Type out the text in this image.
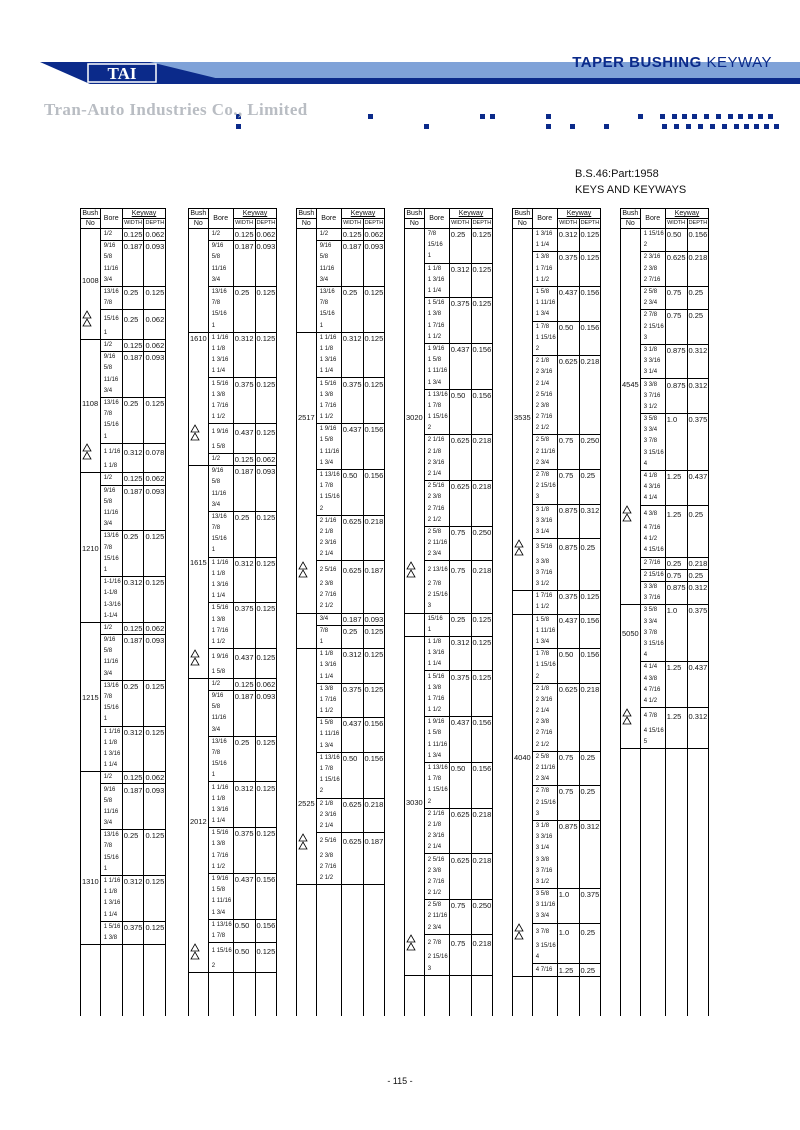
TAI
TAPER BUSHING KEYWAY
Tran-Auto Industries Co., Limited
B.S.46:Part:1958
KEYS AND KEYWAYS
Bush	Bore	Keyway	
No		WIDTH	DEPTH
	1/2	0.125	0.062
	9/16	0.187	0.093
	5/8		
	11/16		
1008	3/4		
	13/16	0.25	0.125
	7/8		

	15/16	0.25	0.062
	1		
	1/2	0.125	0.062
	9/16	0.187	0.093
	5/8		
	11/16		
	3/4		
1108	13/16	0.25	0.125
	7/8		
	15/16		
	1		

	1 1/16	0.312	0.078
	1 1/8		
	1/2	0.125	0.062
	9/16	0.187	0.093
	5/8		
	11/16		
	3/4		
	13/16	0.25	0.125
1210	7/8		
	15/16		
	1		
	1-1/16	0.312	0.125
	1-1/8		
	1-3/16		
	1-1/4		
	1/2	0.125	0.062
	9/16	0.187	0.093
	5/8		
	11/16		
	3/4		
	13/16	0.25	0.125
1215	7/8		
	15/16		
	1		
	1 1/16	0.312	0.125
	1 1/8		
	1 3/16		
	1 1/4		
	1/2	0.125	0.062
	9/16	0.187	0.093
	5/8		
	11/16		
	3/4		
	13/16	0.25	0.125
	7/8		
	15/16		
	1		
1310	1 1/16	0.312	0.125
	1 1/8		
	1 3/16		
	1 1/4		
	1 5/16	0.375	0.125
	1 3/8		

Bush	Bore	Keyway	
No		WIDTH	DEPTH
	1/2	0.125	0.062
	9/16	0.187	0.093
	5/8		
	11/16		
	3/4		
	13/16	0.25	0.125
	7/8		
	15/16		
	1		
1610	1 1/16	0.312	0.125
	1 1/8		
	1 3/16		
	1 1/4		
	1 5/16	0.375	0.125
	1 3/8		
	1 7/16		
	1 1/2		

	1 9/16	0.437	0.125
	1 5/8		
	1/2	0.125	0.062
	9/16	0.187	0.093
	5/8		
	11/16		
	3/4		
	13/16	0.25	0.125
	7/8		
	15/16		
	1		
1615	1 1/16	0.312	0.125
	1 1/8		
	1 3/16		
	1 1/4		
	1 5/16	0.375	0.125
	1 3/8		
	1 7/16		
	1 1/2		

	1 9/16	0.437	0.125
	1 5/8		
	1/2	0.125	0.062
	9/16	0.187	0.093
	5/8		
	11/16		
	3/4		
	13/16	0.25	0.125
	7/8		
	15/16		
	1		
	1 1/16	0.312	0.125
	1 1/8		
	1 3/16		
2012	1 1/4		
	1 5/16	0.375	0.125
	1 3/8		
	1 7/16		
	1 1/2		
	1 9/16	0.437	0.156
	1 5/8		
	1 11/16		
	1 3/4		
	1 13/16	0.50	0.156
	1 7/8		

	1 15/16	0.50	0.125
	2		

Bush	Bore	Keyway	
No		WIDTH	DEPTH
	1/2	0.125	0.062
	9/16	0.187	0.093
	5/8		
	11/16		
	3/4		
	13/16	0.25	0.125
	7/8		
	15/16		
	1		
	1 1/16	0.312	0.125
	1 1/8		
	1 3/16		
	1 1/4		
	1 5/16	0.375	0.125
	1 3/8		
	1 7/16		
2517	1 1/2		
	1 9/16	0.437	0.156
	1 5/8		
	1 11/16		
	1 3/4		
	1 13/16	0.50	0.156
	1 7/8		
	1 15/16		
	2		
	2 1/16	0.625	0.218
	2 1/8		
	2 3/16		
	2 1/4		

	2 5/16	0.625	0.187
	2 3/8		
	2 7/16		
	2 1/2		
	3/4	0.187	0.093
	7/8	0.25	0.125
	1		
	1 1/8	0.312	0.125
	1 3/16		
	1 1/4		
	1 3/8	0.375	0.125
	1 7/16		
	1 1/2		
	1 5/8	0.437	0.156
	1 11/16		
	1 3/4		
	1 13/16	0.50	0.156
	1 7/8		
	1 15/16		
	2		
2525	2 1/8	0.625	0.218
	2 3/16		
	2 1/4		

	2 5/16	0.625	0.187
	2 3/8		
	2 7/16		
	2 1/2		

Bush	Bore	Keyway	
No		WIDTH	DEPTH
	7/8	0.25	0.125
	15/16		
	1		
	1 1/8	0.312	0.125
	1 3/16		
	1 1/4		
	1 5/16	0.375	0.125
	1 3/8		
	1 7/16		
	1 1/2		
	1 9/16	0.437	0.156
	1 5/8		
	1 11/16		
	1 3/4		
	1 13/16	0.50	0.156
	1 7/8		
3020	1 15/16		
	2		
	2 1/16	0.625	0.218
	2 1/8		
	2 3/16		
	2 1/4		
	2 5/16	0.625	0.218
	2 3/8		
	2 7/16		
	2 1/2		
	2 5/8	0.75	0.250
	2 11/16		
	2 3/4		

	2 13/16	0.75	0.218
	2 7/8		
	2 15/16		
	3		
	15/16	0.25	0.125
	1		
	1 1/8	0.312	0.125
	1 3/16		
	1 1/4		
	1 5/16	0.375	0.125
	1 3/8		
	1 7/16		
	1 1/2		
	1 9/16	0.437	0.156
	1 5/8		
	1 11/16		
	1 3/4		
	1 13/16	0.50	0.156
	1 7/8		
	1 15/16		
3030	2		
	2 1/16	0.625	0.218
	2 1/8		
	2 3/16		
	2 1/4		
	2 5/16	0.625	0.218
	2 3/8		
	2 7/16		
	2 1/2		
	2 5/8	0.75	0.250
	2 11/16		
	2 3/4		

	2 7/8	0.75	0.218
	2 15/16		
	3		

Bush	Bore	Keyway	
No		WIDTH	DEPTH
	1 3/16	0.312	0.125
	1 1/4		
	1 3/8	0.375	0.125
	1 7/16		
	1 1/2		
	1 5/8	0.437	0.156
	1 11/16		
	1 3/4		
	1 7/8	0.50	0.156
	1 15/16		
	2		
	2 1/8	0.625	0.218
	2 3/16		
	2 1/4		
	2 5/16		
	2 3/8		
3535	2 7/16		
	2 1/2		
	2 5/8	0.75	0.250
	2 11/16		
	2 3/4		
	2 7/8	0.75	0.25
	2 15/16		
	3		
	3 1/8	0.875	0.312
	3 3/16		
	3 1/4		

	3 5/16	0.875	0.25
	3 3/8		
	3 7/16		
	3 1/2		
	1 7/16	0.375	0.125
	1 1/2		
	1 5/8	0.437	0.156
	1 11/16		
	1 3/4		
	1 7/8	0.50	0.156
	1 15/16		
	2		
	2 1/8	0.625	0.218
	2 3/16		
	2 1/4		
	2 3/8		
	2 7/16		
	2 1/2		
4040	2 5/8	0.75	0.25
	2 11/16		
	2 3/4		
	2 7/8	0.75	0.25
	2 15/16		
	3		
	3 1/8	0.875	0.312
	3 3/16		
	3 1/4		
	3 3/8		
	3 7/16		
	3 1/2		
	3 5/8	1.0	0.375
	3 11/16		
	3 3/4		

	3 7/8	1.0	0.25
	3 15/16		
	4		
	4 7/16	1.25	0.25

Bush	Bore	Keyway	
No		WIDTH	DEPTH
	1 15/16	0.50	0.156
	2		
	2 3/16	0.625	0.218
	2 3/8		
	2 7/16		
	2 5/8	0.75	0.25
	2 3/4		
	2 7/8	0.75	0.25
	2 15/16		
	3		
	3 1/8	0.875	0.312
	3 3/16		
	3 1/4		
4545	3 3/8	0.875	0.312
	3 7/16		
	3 1/2		
	3 5/8	1.0	0.375
	3 3/4		
	3 7/8		
	3 15/16		
	4		
	4 1/8	1.25	0.437
	4 3/16		
	4 1/4		

	4 3/8	1.25	0.25
	4 7/16		
	4 1/2		
	4 15/16		
	2 7/16	0.25	0.218
	2 15/16	0.75	0.25
	3 3/8	0.875	0.312
	3 7/16		
	3 5/8	1.0	0.375
	3 3/4		
5050	3 7/8		
	3 15/16		
	4		
	4 1/4	1.25	0.437
	4 3/8		
	4 7/16		
	4 1/2		

	4 7/8	1.25	0.312
	4 15/16		
	5		

- 115 -
